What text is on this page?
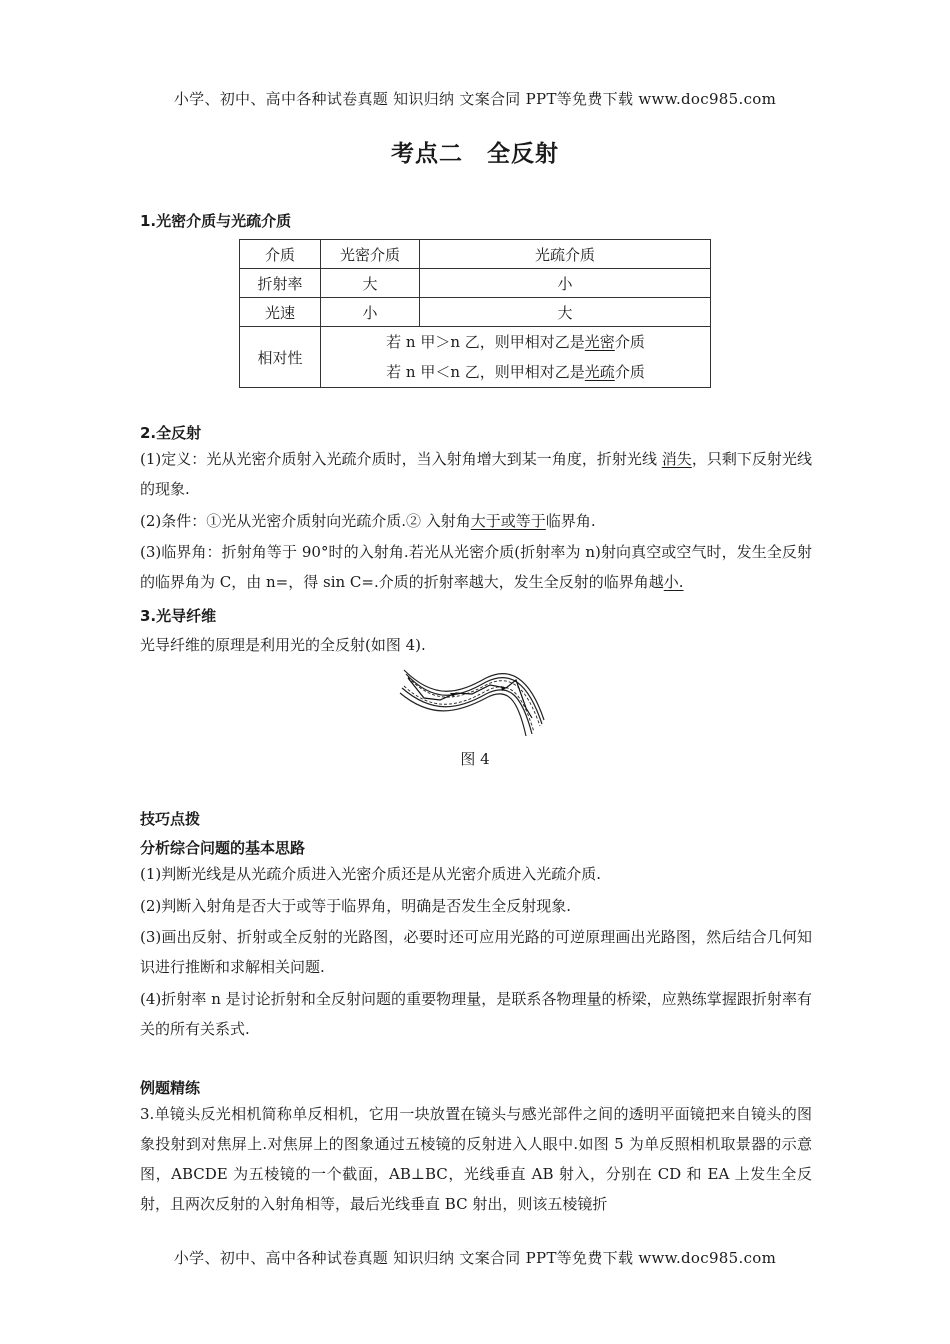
小学、初中、高中各种试卷真题 知识归纳 文案合同 PPT等免费下载 www.doc985.com
考点二　全反射
1.光密介质与光疏介质
介质	光密介质	光疏介质
折射率	大	小
光速	小	大
相对性	若 n 甲＞n 乙，则甲相对乙是光密介质
若 n 甲＜n 乙，则甲相对乙是光疏介质	
2.全反射
(1)定义：光从光密介质射入光疏介质时，当入射角增大到某一角度，折射光线 消失，只剩下反射光线的现象.
(2)条件：①光从光密介质射向光疏介质.② 入射角大于或等于临界角.
(3)临界角：折射角等于 90°时的入射角.若光从光密介质(折射率为 n)射向真空或空气时，发生全反射的临界角为 C，由 n=，得 sin C=.介质的折射率越大，发生全反射的临界角越小.
3.光导纤维
光导纤维的原理是利用光的全反射(如图 4).
图 4
技巧点拨
分析综合问题的基本思路
(1)判断光线是从光疏介质进入光密介质还是从光密介质进入光疏介质.
(2)判断入射角是否大于或等于临界角，明确是否发生全反射现象.
(3)画出反射、折射或全反射的光路图，必要时还可应用光路的可逆原理画出光路图，然后结合几何知识进行推断和求解相关问题.
(4)折射率 n 是讨论折射和全反射问题的重要物理量，是联系各物理量的桥梁，应熟练掌握跟折射率有关的所有关系式.
例题精练
3.单镜头反光相机简称单反相机，它用一块放置在镜头与感光部件之间的透明平面镜把来自镜头的图象投射到对焦屏上.对焦屏上的图象通过五棱镜的反射进入人眼中.如图 5 为单反照相机取景器的示意图，ABCDE 为五棱镜的一个截面，AB⊥BC，光线垂直 AB 射入，分别在 CD 和 EA 上发生全反射，且两次反射的入射角相等，最后光线垂直 BC 射出，则该五棱镜折
小学、初中、高中各种试卷真题 知识归纳 文案合同 PPT等免费下载 www.doc985.com
